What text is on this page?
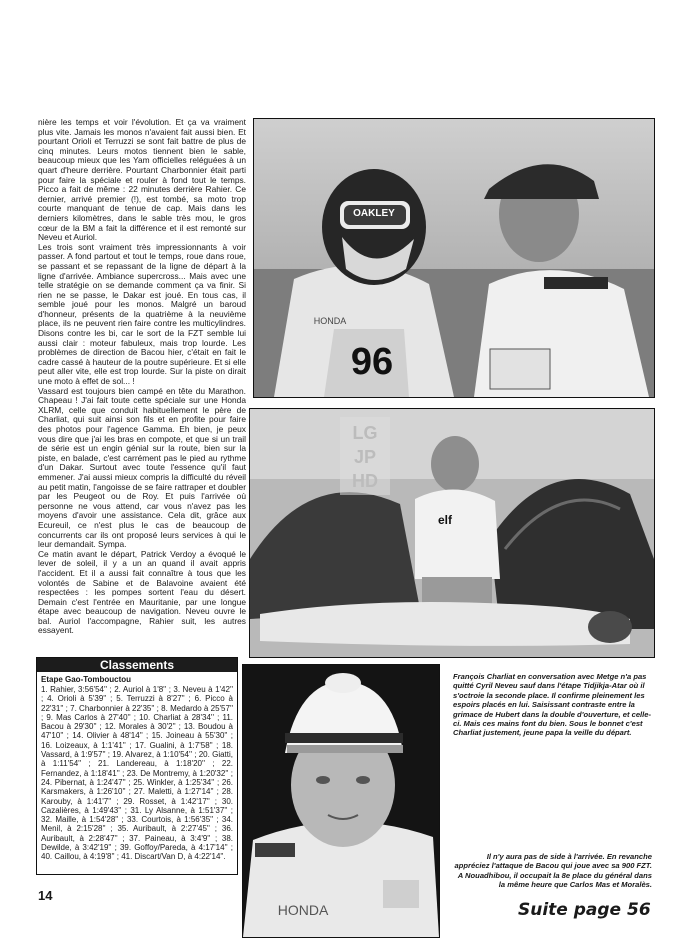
nière les temps et voir l'évolution. Et ça va vraiment plus vite. Jamais les monos n'avaient fait aussi bien. Et pourtant Orioli et Terruzzi se sont fait battre de plus de cinq minutes. Leurs motos tiennent bien le sable, beaucoup mieux que les Yam officielles reléguées à un quart d'heure derrière. Pourtant Charbonnier était parti pour faire la spéciale et rouler à fond tout le temps. Picco a fait de même : 22 minutes derrière Rahier. Ce dernier, arrivé premier (!), est tombé, sa moto trop courte manquant de tenue de cap. Mais dans les derniers kilomètres, dans le sable très mou, le gros cœur de la BM a fait la différence et il est remonté sur Neveu et Auriol.

Les trois sont vraiment très impressionnants à voir passer. A fond partout et tout le temps, roue dans roue, se passant et se repassant de la ligne de départ à la ligne d'arrivée. Ambiance supercross... Mais avec une telle stratégie on se demande comment ça va finir. Si rien ne se passe, le Dakar est joué. En tous cas, il semble joué pour les monos. Malgré un baroud d'honneur, présents de la quatrième à la neuvième place, ils ne peuvent rien faire contre les multicylindres. Disons contre les bi, car le sort de la FZT semble lui aussi clair : moteur fabuleux, mais trop lourde. Les problèmes de direction de Bacou hier, c'était en fait le cadre cassé à hauteur de la poutre supérieure. Et si elle peut aller vite, elle est trop lourde. Sur la piste on dirait une moto à effet de sol... !

Vassard est toujours bien campé en tête du Marathon. Chapeau ! J'ai fait toute cette spéciale sur une Honda XLRM, celle que conduit habituellement le père de Charliat, qui suit ainsi son fils et en profite pour faire des photos pour l'agence Gamma. Eh bien, je peux vous dire que j'ai les bras en compote, et que si un trail de série est un engin génial sur la route, bien sur la piste, en balade, c'est carrément pas le pied au rythme d'un Dakar. Surtout avec toute l'essence qu'il faut emmener. J'ai aussi mieux compris la difficulté du réveil au petit matin, l'angoisse de se faire rattraper et doubler par les Peugeot ou de Roy. Et puis l'arrivée où personne ne vous attend, car vous n'avez pas les moyens d'avoir une assistance. Cela dit, grâce aux Ecureuil, ce n'est plus le cas de beaucoup de concurrents car ils ont proposé leurs services à qui le leur demandait. Sympa.

Ce matin avant le départ, Patrick Verdoy a évoqué le lever de soleil, il y a un an quand il avait appris l'accident. Et il a aussi fait connaître à tous que les volontés de Sabine et de Balavoine avaient été respectées : les pompes sortent l'eau du désert. Demain c'est l'entrée en Mauritanie, par une longue étape avec beaucoup de navigation. Neveu ouvre le bal. Auriol l'accompagne, Rahier suit, les autres essayent.

OAKLEY
HONDA
96
LG
JP
HD
elf
Classements
Etape Gao-Tombouctou
1. Rahier, 3:56'54'' ; 2. Auriol à 1'8'' ; 3. Neveu à 1'42'' ; 4. Orioli à 5'39'' ; 5. Terruzzi à 8'27'' ; 6. Picco à 22'31'' ; 7. Charbonnier à 22'35'' ; 8. Medardo à 25'57'' ; 9. Mas Carlos à 27'40'' ; 10. Charliat à 28'34'' ; 11. Bacou à 29'30'' ; 12. Morales à 30'2'' ; 13. Boudou à 47'10'' ; 14. Olivier à 48'14'' ; 15. Joineau à 55'30'' ; 16. Loizeaux, à 1:1'41'' ; 17. Gualini, à 1:7'58'' ; 18. Vassard, à 1:9'57'' ; 19. Alvarez, à 1:10'54'' ; 20. Giatti, à 1:11'54'' ; 21. Landereau, à 1:18'20'' ; 22. Fernandez, à 1:18'41'' ; 23. De Montremy, à 1:20'32'' ; 24. Pibernat, à 1:24'47'' ; 25. Winkler, à 1:25'34'' ; 26. Karsmakers, à 1:26'10'' ; 27. Maletti, à 1:27'14'' ; 28. Karouby, à 1:41'7'' ; 29. Rosset, à 1:42'17'' ; 30. Cazalières, à 1:49'43'' ; 31. Ly Alsanne, à 1:51'37'' ; 32. Maille, à 1:54'28'' ; 33. Courtois, à 1:56'35'' ; 34. Menil, à 2:15'28'' ; 35. Auribault, à 2:27'45'' ; 36. Auribault, à 2:28'47'' ; 37. Paineau, à 3:4'9'' ; 38. Dewilde, à 3:42'19'' ; 39. Goffoy/Pareda, à 4:17'14'' ; 40. Caillou, à 4:19'8'' ; 41. Discart/Van D, à 4:22'14''.
HONDA
François Charliat en conversation avec Metge n'a pas quitté Cyril Neveu sauf dans l'étape Tidjikja-Atar où il s'octroie la seconde place. Il confirme pleinement les espoirs placés en lui. Saisissant contraste entre la grimace de Hubert dans la double d'ouverture, et celle-ci. Mais ces mains font du bien. Sous le bonnet c'est Charliat justement, jeune papa la veille du départ.
Il n'y aura pas de side à l'arrivée. En revanche appréciez l'attaque de Bacou qui joue avec sa 900 FZT. A Nouadhibou, il occupait la 8e place du général dans la même heure que Carlos Mas et Moralès.
14
Suite page 56
